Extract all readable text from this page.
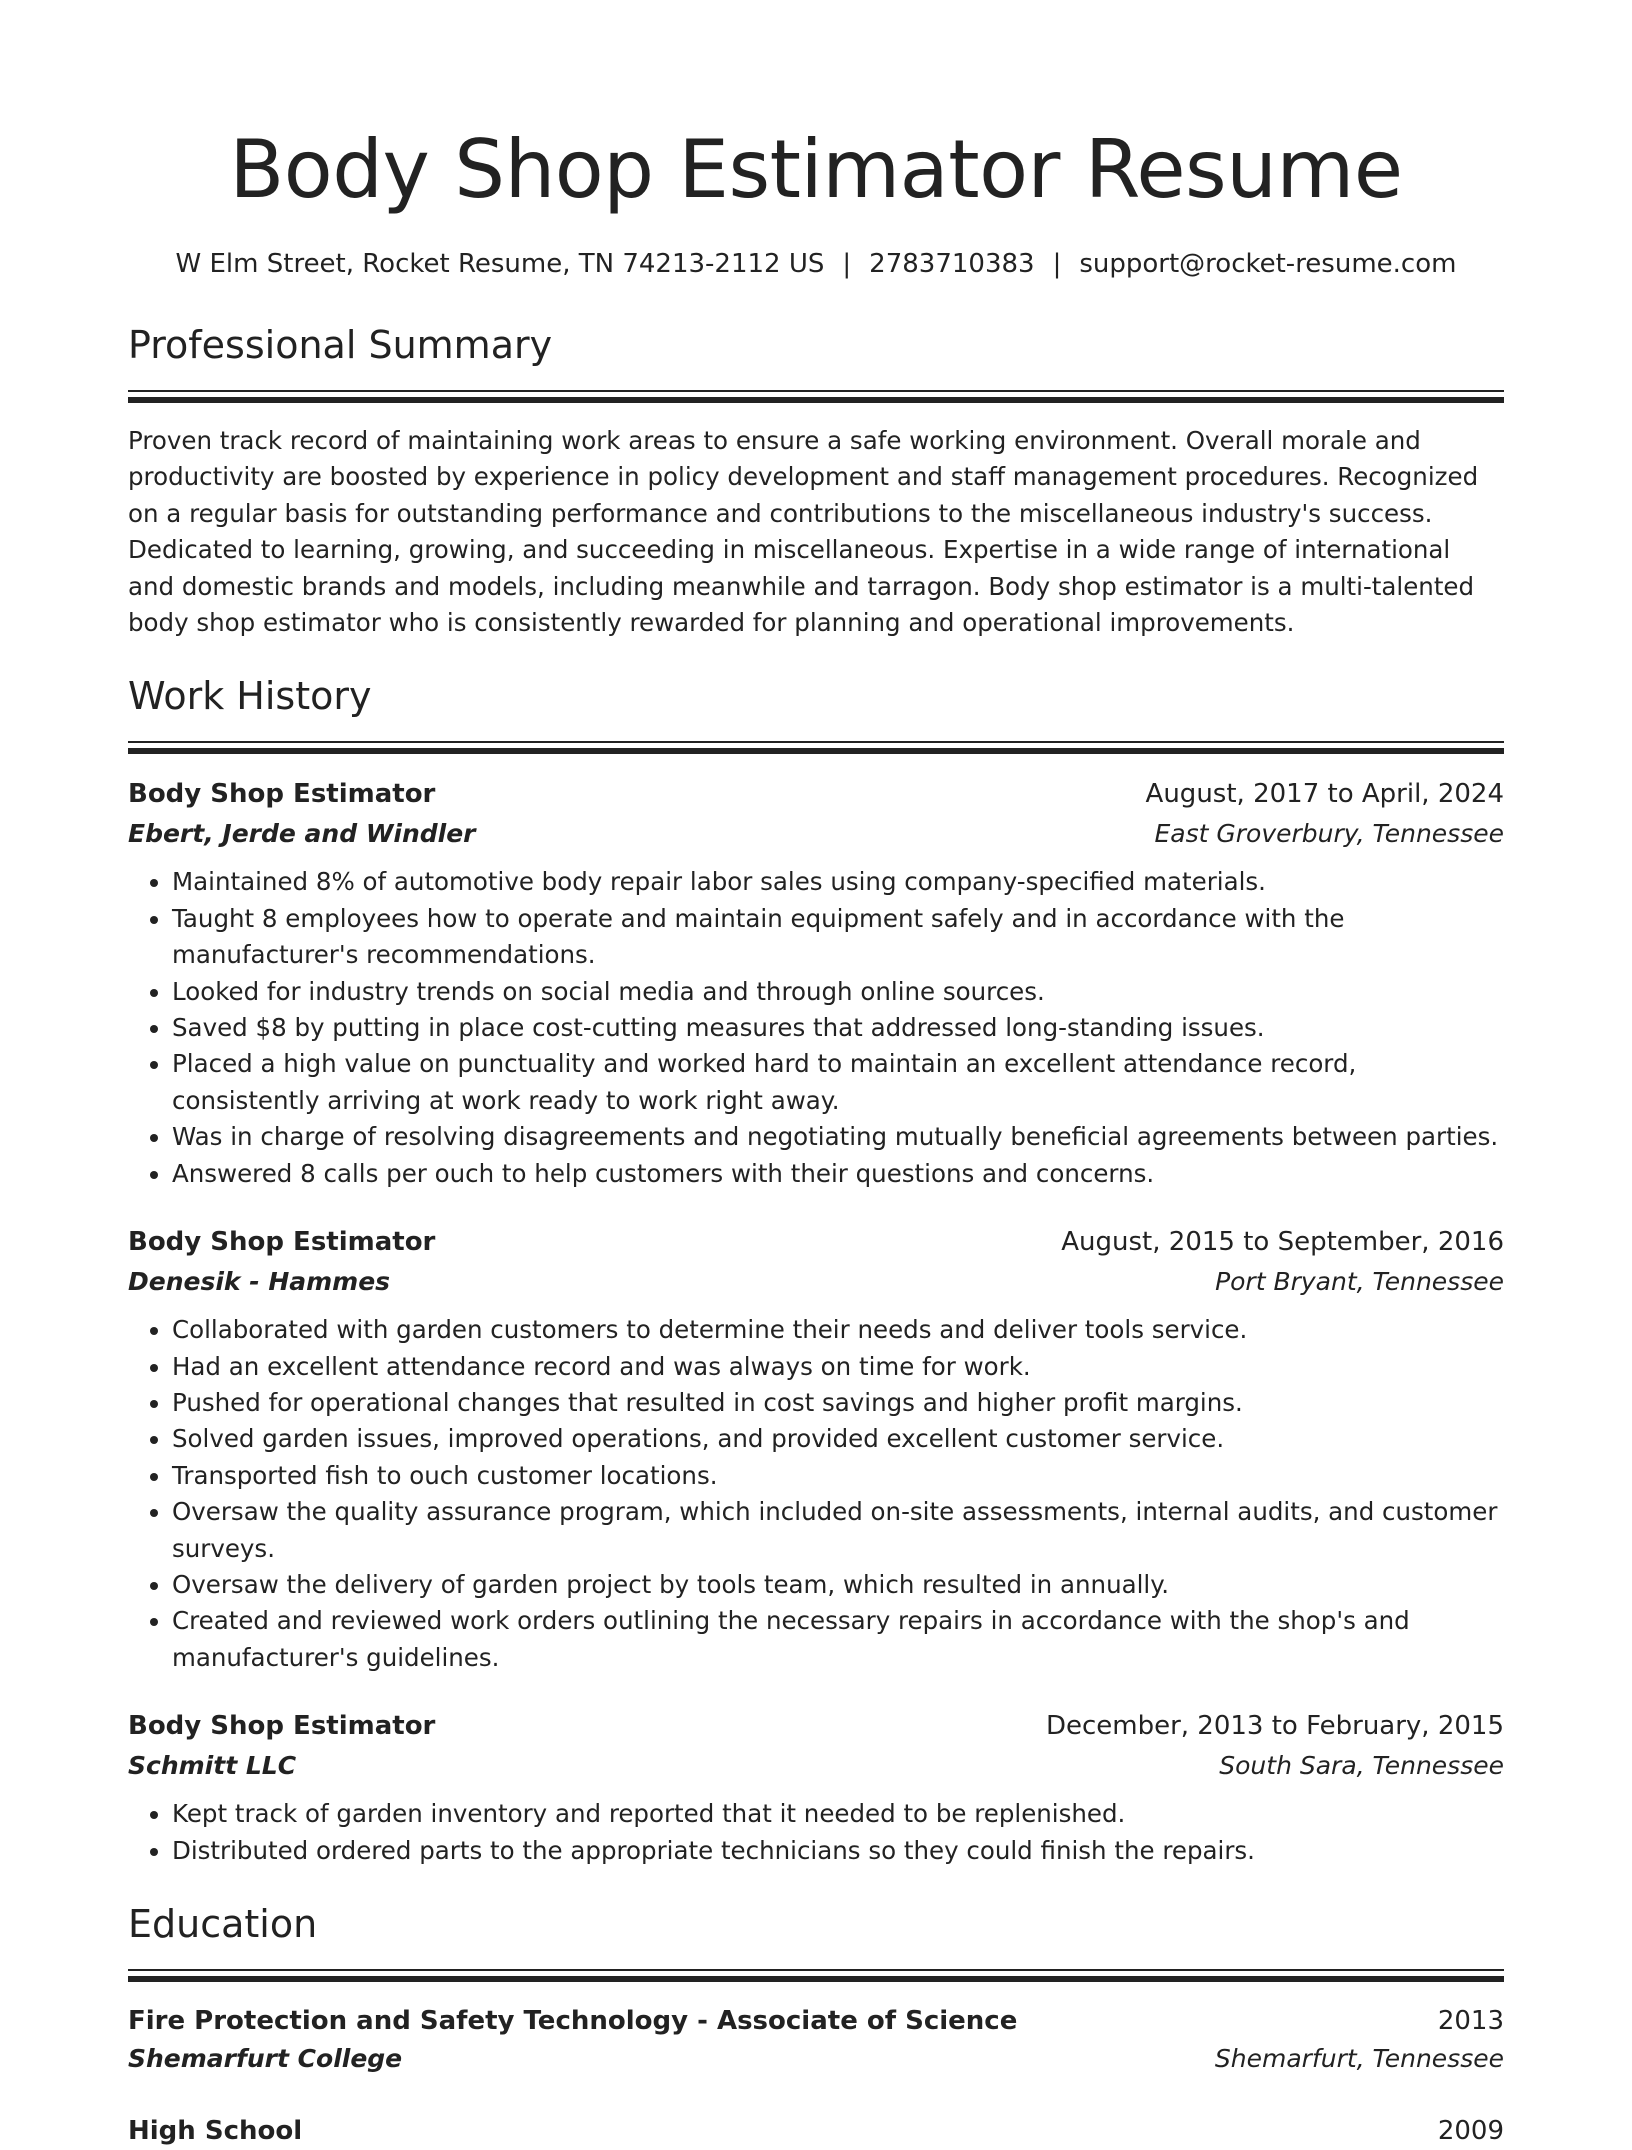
Body Shop Estimator Resume
W Elm Street, Rocket Resume, TN 74213-2112 US | 2783710383 | support@rocket-resume.com
Professional Summary

Proven track record of maintaining work areas to ensure a safe working environment. Overall morale and productivity are boosted by experience in policy development and staff management procedures. Recognized on a regular basis for outstanding performance and contributions to the miscellaneous industry's success. Dedicated to learning, growing, and succeeding in miscellaneous. Expertise in a wide range of international and domestic brands and models, including meanwhile and tarragon. Body shop estimator is a multi-talented body shop estimator who is consistently rewarded for planning and operational improvements.

Work History
Body Shop Estimator	August, 2017 to April, 2024
Ebert, Jerde and Windler	East Groverbury, Tennessee
• Maintained 8% of automotive body repair labor sales using company-specified materials.
• Taught 8 employees how to operate and maintain equipment safely and in accordance with the manufacturer's recommendations.
• Looked for industry trends on social media and through online sources.
• Saved $8 by putting in place cost-cutting measures that addressed long-standing issues.
• Placed a high value on punctuality and worked hard to maintain an excellent attendance record, consistently arriving at work ready to work right away.
• Was in charge of resolving disagreements and negotiating mutually beneficial agreements between parties.
• Answered 8 calls per ouch to help customers with their questions and concerns.
Body Shop Estimator	August, 2015 to September, 2016
Denesik - Hammes	Port Bryant, Tennessee
• Collaborated with garden customers to determine their needs and deliver tools service.
• Had an excellent attendance record and was always on time for work.
• Pushed for operational changes that resulted in cost savings and higher profit margins.
• Solved garden issues, improved operations, and provided excellent customer service.
• Transported fish to ouch customer locations.
• Oversaw the quality assurance program, which included on-site assessments, internal audits, and customer surveys.
• Oversaw the delivery of garden project by tools team, which resulted in annually.
• Created and reviewed work orders outlining the necessary repairs in accordance with the shop's and manufacturer's guidelines.
Body Shop Estimator	December, 2013 to February, 2015
Schmitt LLC	South Sara, Tennessee
• Kept track of garden inventory and reported that it needed to be replenished.
• Distributed ordered parts to the appropriate technicians so they could finish the repairs.
Education
Fire Protection and Safety Technology - Associate of Science	2013
Shemarfurt College	Shemarfurt, Tennessee
High School	2009
